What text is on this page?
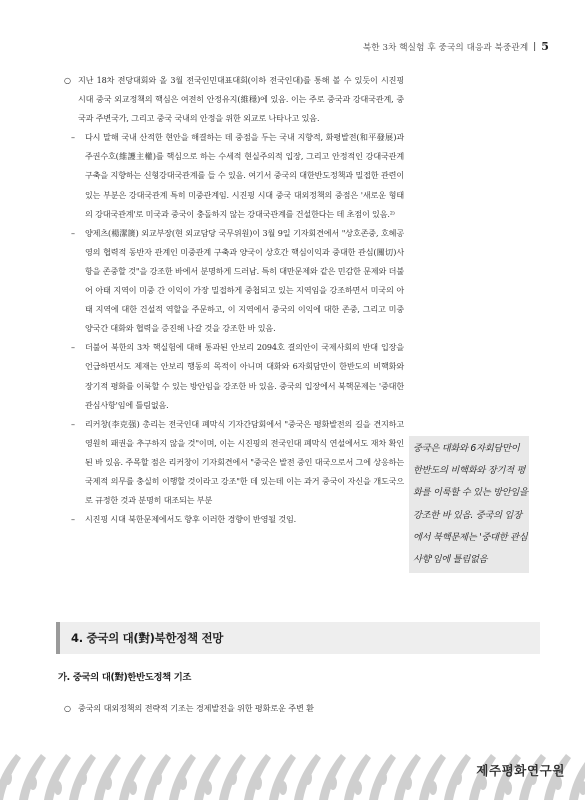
북한 3차 핵실험 후 중국의 대응과 북중관계 | 5

○ 지난 18차 전당대회와 올 3월 전국인민대표대회(이하 전국인대)를 통해 볼 수 있듯이 시진핑 시대 중국 외교정책의 핵심은 여전히 안정유지(維穩)에 있음. 이는 주로 중국과 강대국관계, 중국과 주변국가, 그리고 중국 국내의 안정을 위한 외교로 나타나고 있음.

– 다시 말해 국내 산적한 현안을 해결하는 데 중점을 두는 국내 지향적, 화평발전(和平發展)과 주권수호(維護主權)를 핵심으로 하는 수세적 현실주의적 입장, 그리고 안정적인 강대국관계 구축을 지향하는 신형강대국관계를 들 수 있음. 여기서 중국의 대한반도정책과 밀접한 관련이 있는 부분은 강대국관계 특히 미중관계임. 시진핑 시대 중국 대외정책의 중점은 '새로운 형태의 강대국관계'로 미국과 중국이 충돌하지 않는 강대국관계를 건설한다는 데 초점이 있음.²⁾

– 양제츠(楊潔篪) 외교부장(현 외교담당 국무위원)이 3월 9일 기자회견에서 "상호존중, 호혜공영의 협력적 동반자 관계인 미중관계 구축과 양국이 상호간 핵심이익과 중대한 관심(關切)사항을 존중할 것"을 강조한 바에서 분명하게 드러남. 특히 대만문제와 같은 민감한 문제와 더불어 아태 지역이 미중 간 이익이 가장 밀접하게 중첩되고 있는 지역임을 강조하면서 미국의 아태 지역에 대한 건설적 역할을 주문하고, 이 지역에서 중국의 이익에 대한 존중, 그리고 미중 양국간 대화와 협력을 증진해 나갈 것을 강조한 바 있음.

– 더불어 북한의 3차 핵실험에 대해 통과된 안보리 2094호 결의안이 국제사회의 반대 입장을 언급하면서도 제재는 안보리 행동의 목적이 아니며 대화와 6자회담만이 한반도의 비핵화와 장기적 평화를 이룩할 수 있는 방안임을 강조한 바 있음. 중국의 입장에서 북핵문제는 '중대한 관심사항'임에 틀림없음.

– 리커창(李克强) 총리는 전국인대 폐막식 기자간담회에서 "중국은 평화발전의 길을 견지하고 영원히 패권을 추구하지 않을 것"이며, 이는 시진핑의 전국인대 폐막식 연설에서도 재차 확인된 바 있음. 주목할 점은 리커창이 기자회견에서 "중국은 발전 중인 대국으로서 그에 상응하는 국제적 의무를 충실히 이행할 것이라고 강조"한 데 있는데 이는 과거 중국이 자신을 개도국으로 규정한 것과 분명히 대조되는 부분

– 시진핑 시대 북한문제에서도 향후 이러한 경향이 반영될 것임.

중국은 대화와 6자회담만이 한반도의 비핵화와 장기적 평화를 이룩할 수 있는 방안임을 강조한 바 있음. 중국의 입장에서 북핵문제는 '중대한 관심사항'임에 틀림없음
4. 중국의 대(對)북한정책 전망
가. 중국의 대(對)한반도정책 기조
○ 중국의 대외정책의 전략적 기조는 경제발전을 위한 평화로운 주변 환
제주평화연구원
